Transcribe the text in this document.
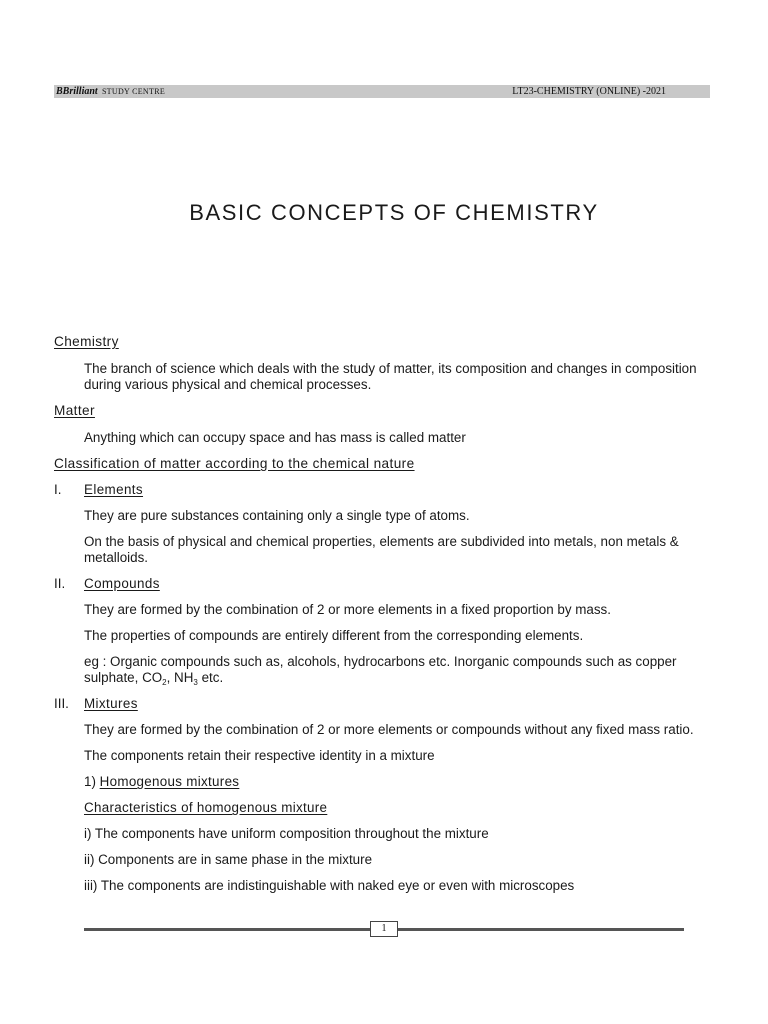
BBrilliant STUDY CENTRE	LT23-CHEMISTRY (ONLINE) -2021
BASIC CONCEPTS OF CHEMISTRY

Chemistry

The branch of science which deals with the study of matter, its composition and changes in composition during various physical and chemical processes.

Matter

Anything which can occupy space and has mass is called matter

Classification of matter according to the chemical nature

I.	Elements

They are pure substances containing only a single type of atoms.

On the basis of physical and chemical properties, elements are subdivided into metals, non metals & metalloids.

II.	Compounds

They are formed by the combination of 2 or more elements in a fixed proportion by mass.

The properties of compounds are entirely different from the corresponding elements.

eg : Organic compounds such as, alcohols, hydrocarbons etc. Inorganic compounds such as copper sulphate, $CO_2$, $NH_3$ etc.

III.	Mixtures

They are formed by the combination of 2 or more elements or compounds without any fixed mass ratio.

The components retain their respective identity in a mixture

1) Homogenous mixtures

Characteristics of homogenous mixture

i) The components have uniform composition throughout the mixture

ii) Components are in same phase in the mixture

iii) The components are indistinguishable with naked eye or even with microscopes

1
